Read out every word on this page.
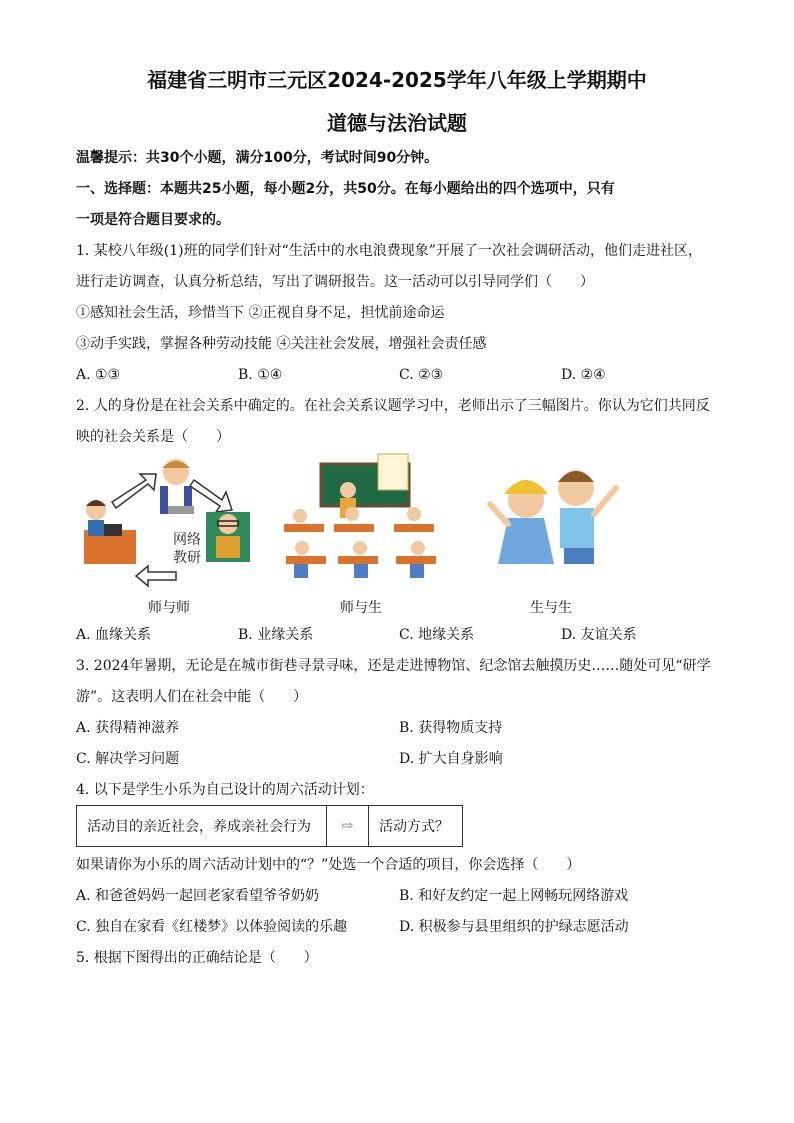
福建省三明市三元区2024-2025学年八年级上学期期中
道德与法治试题
温馨提示：共30个小题，满分100分，考试时间90分钟。
一、选择题：本题共25小题，每小题2分，共50分。在每小题给出的四个选项中，只有
一项是符合题目要求的。
1. 某校八年级(1)班的同学们针对“生活中的水电浪费现象”开展了一次社会调研活动，他们走进社区，
进行走访调查，认真分析总结，写出了调研报告。这一活动可以引导同学们（　　）
①感知社会生活，珍惜当下 ②正视自身不足，担忧前途命运
③动手实践，掌握各种劳动技能 ④关注社会发展，增强社会责任感
A. ①③	B. ①④	C. ②③	D. ②④
2. 人的身份是在社会关系中确定的。在社会关系议题学习中，老师出示了三幅图片。你认为它们共同反
映的社会关系是（　　）
网络
教研
师与师	师与生	生与生
A. 血缘关系	B. 业缘关系	C. 地缘关系	D. 友谊关系
3. 2024年暑期，无论是在城市街巷寻景寻味，还是走进博物馆、纪念馆去触摸历史……随处可见“研学
游”。这表明人们在社会中能（　　）
A. 获得精神滋养	B. 获得物质支持
C. 解决学习问题	D. 扩大自身影响
4. 以下是学生小乐为自己设计的周六活动计划：
活动目的亲近社会，养成亲社会行为	⇨	活动方式？
如果请你为小乐的周六活动计划中的“？”处选一个合适的项目，你会选择（　　）
A. 和爸爸妈妈一起回老家看望爷爷奶奶	B. 和好友约定一起上网畅玩网络游戏
C. 独自在家看《红楼梦》以体验阅读的乐趣	D. 积极参与县里组织的护绿志愿活动
5. 根据下图得出的正确结论是（　　）
